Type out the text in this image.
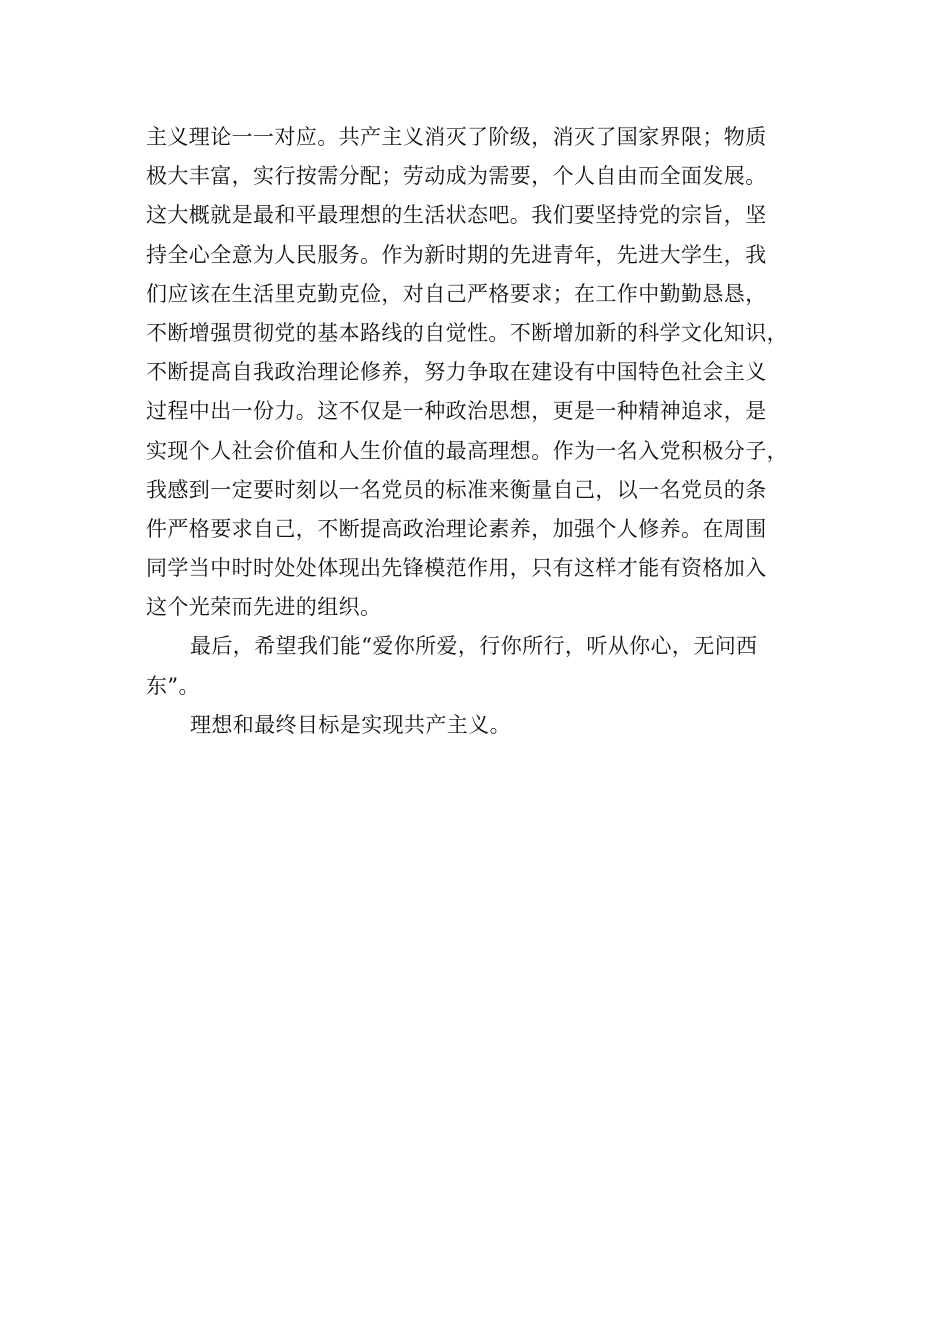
主义理论一一对应。共产主义消灭了阶级，消灭了国家界限；物质
极大丰富，实行按需分配；劳动成为需要，个人自由而全面发展。
这大概就是最和平最理想的生活状态吧。我们要坚持党的宗旨，坚
持全心全意为人民服务。作为新时期的先进青年，先进大学生，我
们应该在生活里克勤克俭，对自己严格要求；在工作中勤勤恳恳，
不断增强贯彻党的基本路线的自觉性。不断增加新的科学文化知识，
不断提高自我政治理论修养，努力争取在建设有中国特色社会主义
过程中出一份力。这不仅是一种政治思想，更是一种精神追求，是
实现个人社会价值和人生价值的最高理想。作为一名入党积极分子，
我感到一定要时刻以一名党员的标准来衡量自己，以一名党员的条
件严格要求自己，不断提高政治理论素养，加强个人修养。在周围
同学当中时时处处体现出先锋模范作用，只有这样才能有资格加入
这个光荣而先进的组织。
最后，希望我们能“爱你所爱，行你所行，听从你心，无问西
东”。
理想和最终目标是实现共产主义。
